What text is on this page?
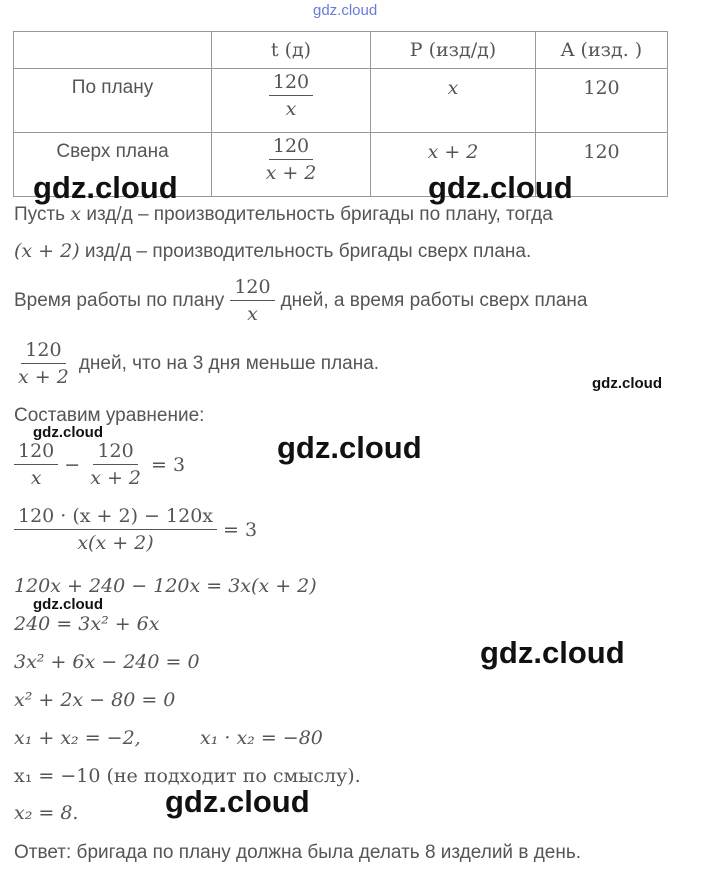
gdz.cloud
	t (д)	P (изд/д)	A (изд. )

По плану	$\frac{120}{x}$	x	120

Сверх плана	$\frac{120}{x + 2}$	x + 2	120
Пусть x изд/д – производительность бригады по плану, тогда
(x + 2) изд/д – производительность бригады сверх плана.
Время работы по плану $\frac{120}{x}$ дней, а время работы сверх плана
$\frac{120}{x + 2}$ дней, что на 3 дня меньше плана.
Составим уравнение:
$\frac{120}{x} - \frac{120}{x + 2} = 3$
$\frac{120 \cdot (x + 2) - 120x}{x(x + 2)} = 3$
120x + 240 − 120x = 3x(x + 2)
240 = 3x² + 6x
3x² + 6x − 240 = 0
x² + 2x − 80 = 0
x₁ + x₂ = −2,	x₁ · x₂ = −80
x₁ = −10 (не подходит по смыслу).
x₂ = 8.
Ответ: бригада по плану должна была делать 8 изделий в день.
gdz.cloud	gdz.cloud
gdz.cloud
gdz.cloud	gdz.cloud
gdz.cloud
gdz.cloud
gdz.cloud
